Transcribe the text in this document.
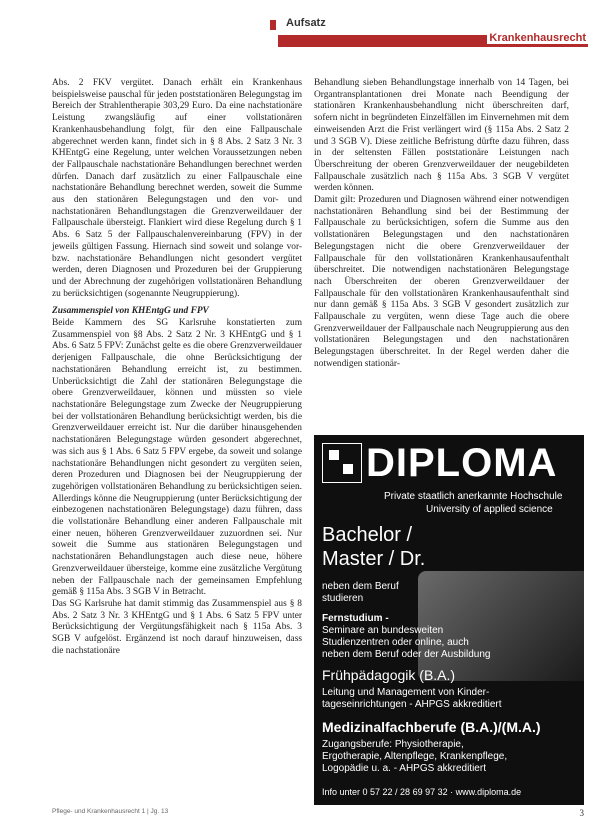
Aufsatz
Krankenhausrecht

Abs. 2 FKV vergütet. Danach erhält ein Krankenhaus beispielsweise pauschal für jeden poststationären Belegungstag im Bereich der Strahlentherapie 303,29 Euro. Da eine nachstationäre Leistung zwangsläufig auf einer vollstationären Krankenhausbehandlung folgt, für den eine Fallpauschale abgerechnet werden kann, findet sich in § 8 Abs. 2 Satz 3 Nr. 3 KHEntgG eine Regelung, unter welchen Voraussetzungen neben der Fallpauschale nachstationäre Behandlungen berechnet werden dürfen. Danach darf zusätzlich zu einer Fallpauschale eine nachstationäre Behandlung berechnet werden, soweit die Summe aus den stationären Belegungstagen und den vor- und nachstationären Behandlungstagen die Grenzverweildauer der Fallpauschale übersteigt. Flankiert wird diese Regelung durch § 1 Abs. 6 Satz 5 der Fallpauschalenvereinbarung (FPV) in der jeweils gültigen Fassung. Hiernach sind soweit und solange vor- bzw. nachstationäre Behandlungen nicht gesondert vergütet werden, deren Diagnosen und Prozeduren bei der Gruppierung und der Abrechnung der zugehörigen vollstationären Behandlung zu berücksichtigen (sogenannte Neugruppierung).

Zusammenspiel von KHEntgG und FPV

Beide Kammern des SG Karlsruhe konstatierten zum Zusammenspiel von §8 Abs. 2 Satz 2 Nr. 3 KHEntgG und § 1 Abs. 6 Satz 5 FPV: Zunächst gelte es die obere Grenzverweildauer derjenigen Fallpauschale, die ohne Berücksichtigung der nachstationären Behandlung erreicht ist, zu bestimmen. Unberücksichtigt die Zahl der stationären Belegungstage die obere Grenzverweildauer, können und müssten so viele nachstationäre Belegungstage zum Zwecke der Neugruppierung bei der vollstationären Behandlung berücksichtigt werden, bis die Grenzverweildauer erreicht ist. Nur die darüber hinausgehenden nachstationären Belegungstage würden gesondert abgerechnet, was sich aus § 1 Abs. 6 Satz 5 FPV ergebe, da soweit und solange nachstationäre Behandlungen nicht gesondert zu vergüten seien, deren Prozeduren und Diagnosen bei der Neugruppierung der zugehörigen vollstationären Behandlung zu berücksichtigen seien. Allerdings könne die Neugruppierung (unter Berücksichtigung der einbezogenen nachstationären Belegungstage) dazu führen, dass die vollstationäre Behandlung einer anderen Fallpauschale mit einer neuen, höheren Grenzverweildauer zuzuordnen sei. Nur soweit die Summe aus stationären Belegungstagen und nachstationären Behandlungstagen auch diese neue, höhere Grenzverweildauer übersteige, komme eine zusätzliche Vergütung neben der Fallpauschale nach der gemeinsamen Empfehlung gemäß § 115a Abs. 3 SGB V in Betracht.

Das SG Karlsruhe hat damit stimmig das Zusammenspiel aus § 8 Abs. 2 Satz 3 Nr. 3 KHEntgG und § 1 Abs. 6 Satz 5 FPV unter Berücksichtigung der Vergütungsfähigkeit nach § 115a Abs. 3 SGB V aufgelöst. Ergänzend ist noch darauf hinzuweisen, dass die nachstationäre

Behandlung sieben Behandlungstage innerhalb von 14 Tagen, bei Organtransplantationen drei Monate nach Beendigung der stationären Krankenhausbehandlung nicht überschreiten darf, sofern nicht in begründeten Einzelfällen im Einvernehmen mit dem einweisenden Arzt die Frist verlängert wird (§ 115a Abs. 2 Satz 2 und 3 SGB V). Diese zeitliche Befristung dürfte dazu führen, dass in der seltensten Fällen poststationäre Leistungen nach Überschreitung der oberen Grenzverweildauer der neugebildeten Fallpauschale zusätzlich nach § 115a Abs. 3 SGB V vergütet werden können.

Damit gilt: Prozeduren und Diagnosen während einer notwendigen nachstationären Behandlung sind bei der Bestimmung der Fallpauschale zu berücksichtigen, sofern die Summe aus den vollstationären Belegungstagen und den nachstationären Belegungstagen nicht die obere Grenzverweildauer der Fallpauschale für den vollstationären Krankenhausaufenthalt überschreitet. Die notwendigen nachstationären Belegungstage nach Überschreiten der oberen Grenzverweildauer der Fallpauschale für den vollstationären Krankenhausaufenthalt sind nur dann gemäß § 115a Abs. 3 SGB V gesondert zusätzlich zur Fallpauschale zu vergüten, wenn diese Tage auch die obere Grenzverweildauer der Fallpauschale nach Neugruppierung aus den vollstationären Belegungstagen und den nachstationären Belegungstagen überschreitet. In der Regel werden daher die notwendigen stationär-

DIPLOMA
Private staatlich anerkannte Hochschule
University of applied science
Bachelor /
Master / Dr.
neben dem Beruf
studieren
Fernstudium -
Seminare an bundesweiten
Studienzentren oder online, auch
neben dem Beruf oder der Ausbildung
Frühpädagogik (B.A.)
Leitung und Management von Kinder-
tageseinrichtungen - AHPGS akkreditiert
Medizinalfachberufe (B.A.)/(M.A.)
Zugangsberufe: Physiotherapie,
Ergotherapie, Altenpflege, Krankenpflege,
Logopädie u. a. - AHPGS akkreditiert
Info unter 0 57 22 / 28 69 97 32 · www.diploma.de
Pflege- und Krankenhausrecht 1 | Jg. 13	3
